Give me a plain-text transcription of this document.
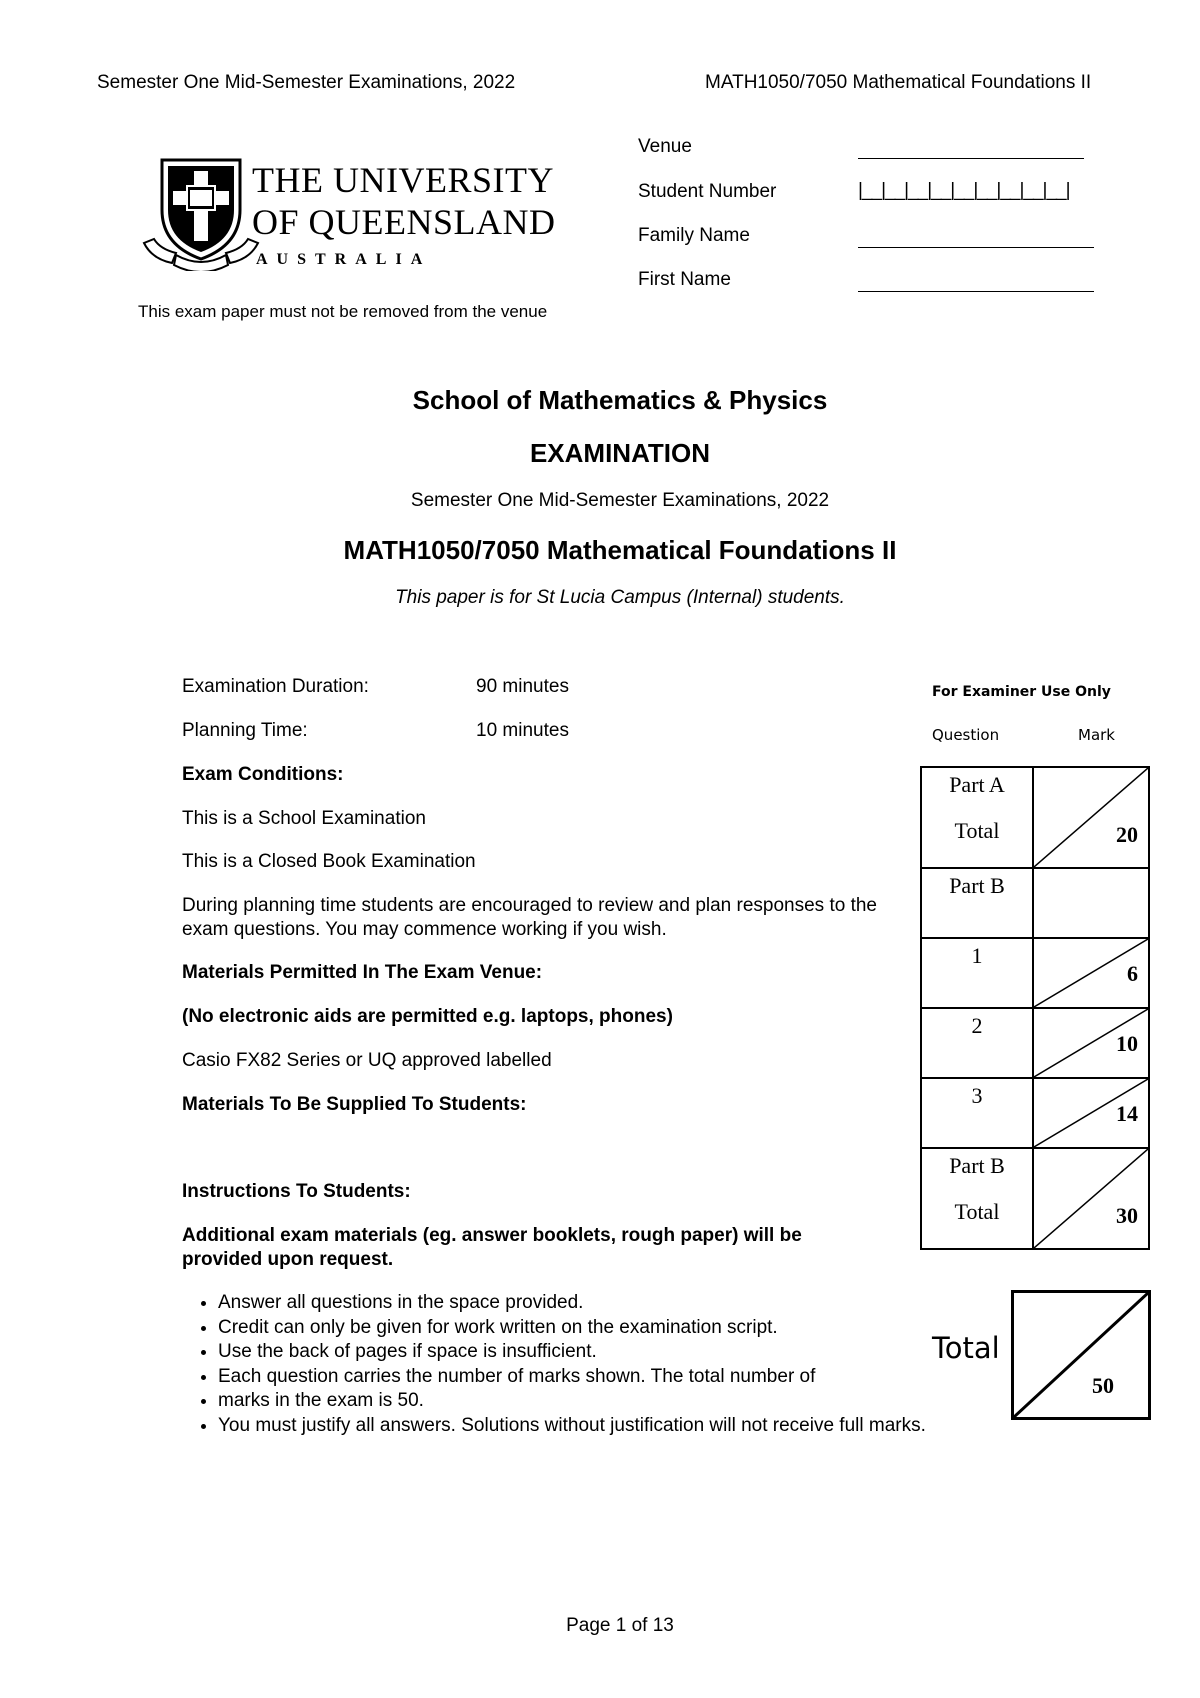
Semester One Mid-Semester Examinations, 2022	MATH1050/7050 Mathematical Foundations II
THE UNIVERSITY
OF QUEENSLAND
AUSTRALIA
This exam paper must not be removed from the venue
Venue
Student Number	|__|__|__|__|__|__|__|__|__|
Family Name
First Name
School of Mathematics & Physics
EXAMINATION
Semester One Mid-Semester Examinations, 2022
MATH1050/7050 Mathematical Foundations II
This paper is for St Lucia Campus (Internal) students.
Examination Duration:	90 minutes
Planning Time:	10 minutes
Exam Conditions:
This is a School Examination
This is a Closed Book Examination
During planning time students are encouraged to review and plan responses to the exam questions. You may commence working if you wish.
Materials Permitted In The Exam Venue:
(No electronic aids are permitted e.g. laptops, phones)
Casio FX82 Series or UQ approved labelled
Materials To Be Supplied To Students:
Instructions To Students:
Additional exam materials (eg. answer booklets, rough paper) will be provided upon request.
• Answer all questions in the space provided.
• Credit can only be given for work written on the examination script.
• Use the back of pages if space is insufficient.
• Each question carries the number of marks shown. The total number of
• marks in the exam is 50.
• You must justify all answers. Solutions without justification will not receive full marks.
For Examiner Use Only
Question	Mark
Part A
Total	20

Part B	

1	6

2	10

3	14

Part B
Total	30
Total
50
Page 1 of 13
